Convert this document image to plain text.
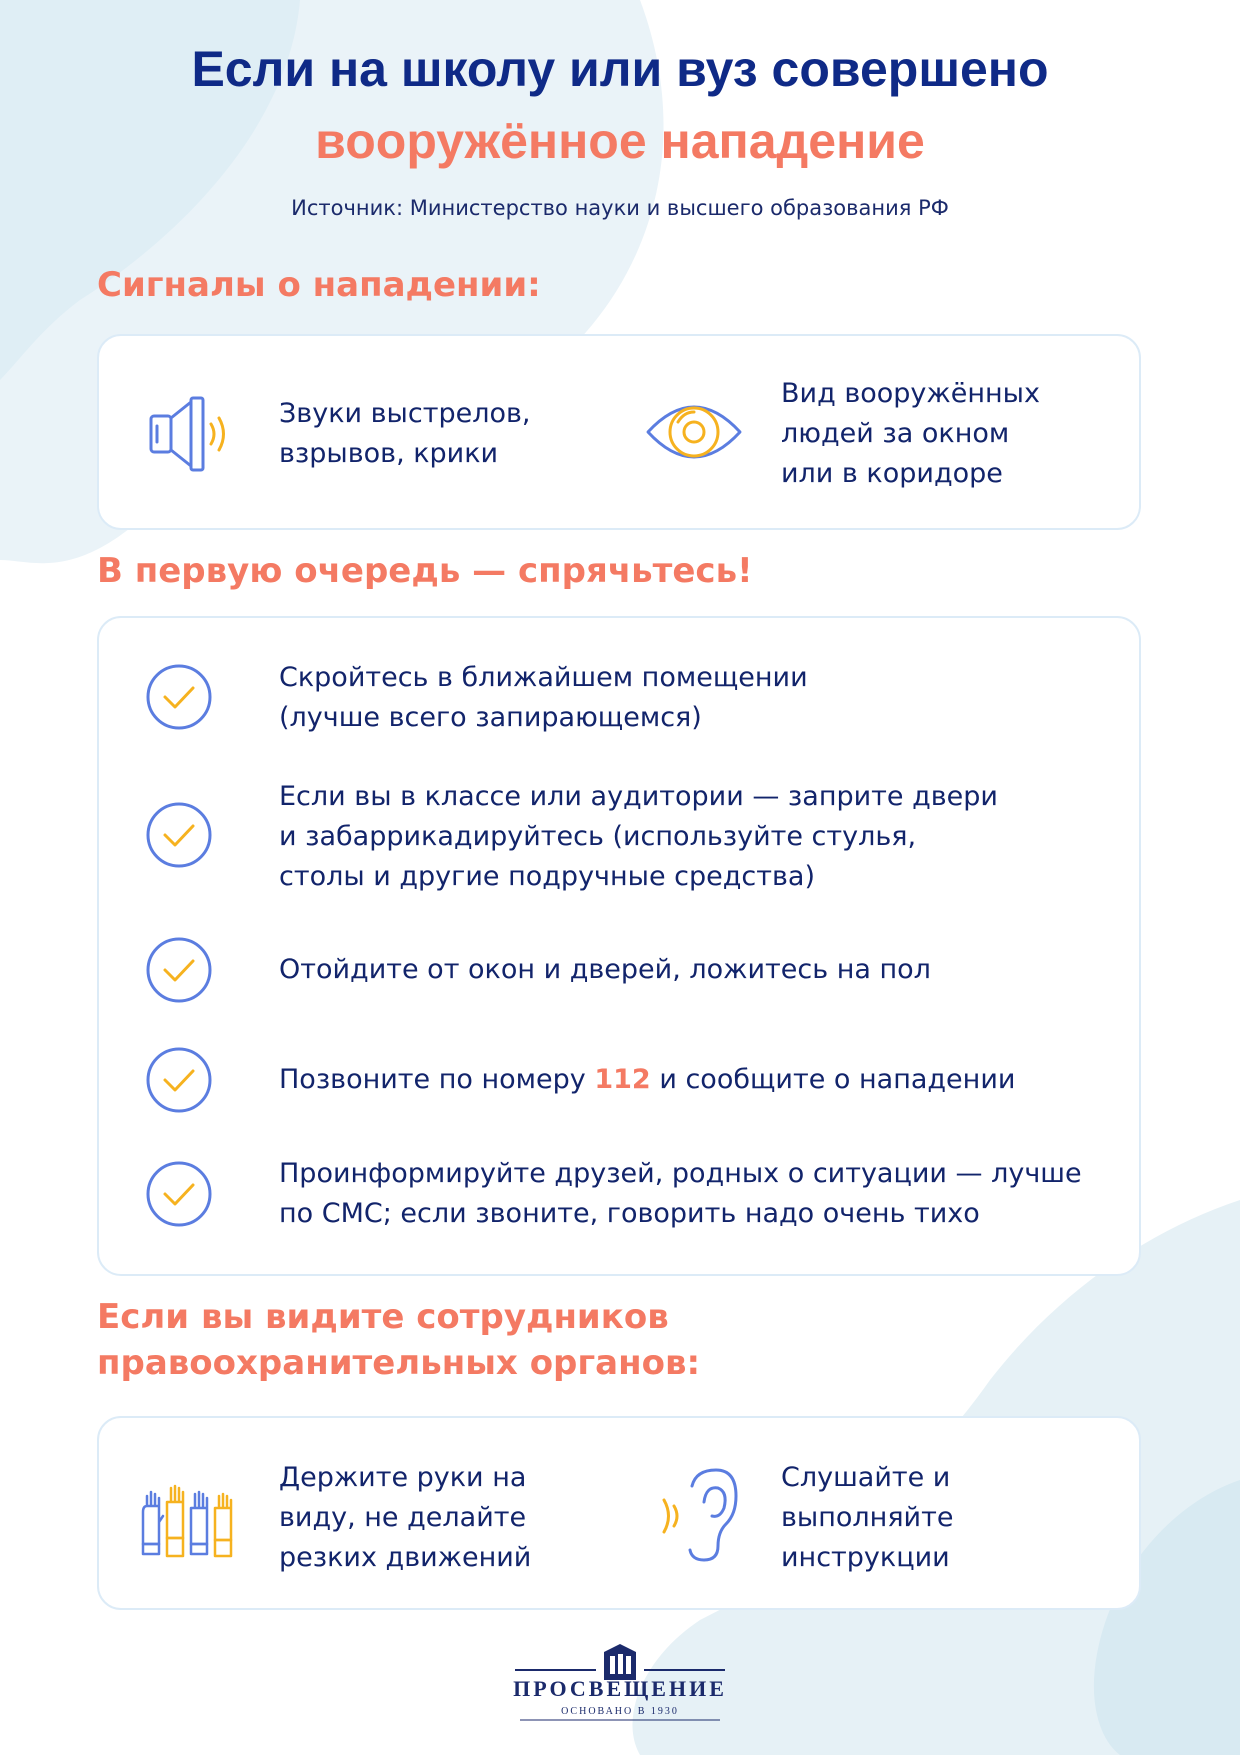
Если на школу или вуз совершено
вооружённое нападение
Источник: Министерство науки и высшего образования РФ
Сигналы о нападении:
Звуки выстрелов, взрывов, крики
Вид вооружённых людей за окном или в коридоре
В первую очередь — спрячьтесь!
Скройтесь в ближайшем помещении (лучше всего запирающемся)
Если вы в классе или аудитории — заприте двери и забаррикадируйтесь (используйте стулья, столы и другие подручные средства)
Отойдите от окон и дверей, ложитесь на пол
Позвоните по номеру 112 и сообщите о нападении
Проинформируйте друзей, родных о ситуации — лучше по СМС; если звоните, говорить надо очень тихо
Если вы видите сотрудников
правоохранительных органов:
Держите руки на виду, не делайте резких движений
Слушайте и выполняйте инструкции
ПРОСВЕЩЕНИЕ
ОСНОВАНО В 1930
